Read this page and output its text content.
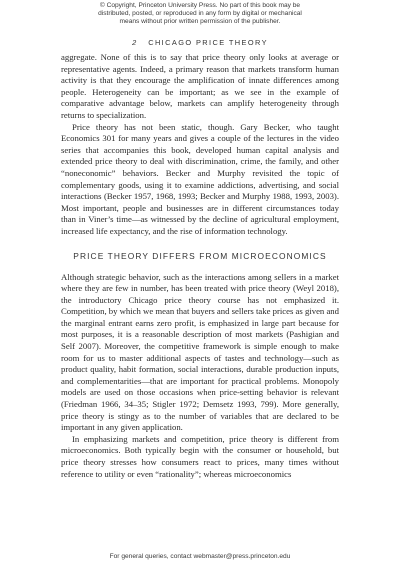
© Copyright, Princeton University Press. No part of this book may be
distributed, posted, or reproduced in any form by digital or mechanical
means without prior written permission of the publisher.
2 CHICAGO PRICE THEORY

aggregate. None of this is to say that price theory only looks at average or representative agents. Indeed, a primary reason that markets transform human activity is that they encourage the amplification of innate differences among people. Heterogeneity can be important; as we see in the example of comparative advantage below, markets can amplify heterogeneity through returns to specialization.

Price theory has not been static, though. Gary Becker, who taught Economics 301 for many years and gives a couple of the lectures in the video series that accompanies this book, developed human capital analysis and extended price theory to deal with discrimination, crime, the family, and other “noneconomic” behaviors. Becker and Murphy revisited the topic of complementary goods, using it to examine addictions, advertising, and social interactions (Becker 1957, 1968, 1993; Becker and Murphy 1988, 1993, 2003). Most important, people and businesses are in different circumstances today than in Viner’s time—as witnessed by the decline of agricultural employment, increased life expectancy, and the rise of information technology.

PRICE THEORY DIFFERS FROM MICROECONOMICS

Although strategic behavior, such as the interactions among sellers in a market where they are few in number, has been treated with price theory (Weyl 2018), the introductory Chicago price theory course has not emphasized it. Competition, by which we mean that buyers and sellers take prices as given and the marginal entrant earns zero profit, is emphasized in large part because for most purposes, it is a reasonable description of most markets (Pashigian and Self 2007). Moreover, the competitive framework is simple enough to make room for us to master additional aspects of tastes and technology—such as product quality, habit formation, social interactions, durable production inputs, and complementarities—that are important for practical problems. Monopoly models are used on those occasions when price-setting behavior is relevant (Friedman 1966, 34–35; Stigler 1972; Demsetz 1993, 799). More generally, price theory is stingy as to the number of variables that are declared to be important in any given application.

In emphasizing markets and competition, price theory is different from microeconomics. Both typically begin with the consumer or household, but price theory stresses how consumers react to prices, many times without reference to utility or even “rationality”; whereas microeconomics

For general queries, contact webmaster@press.princeton.edu
